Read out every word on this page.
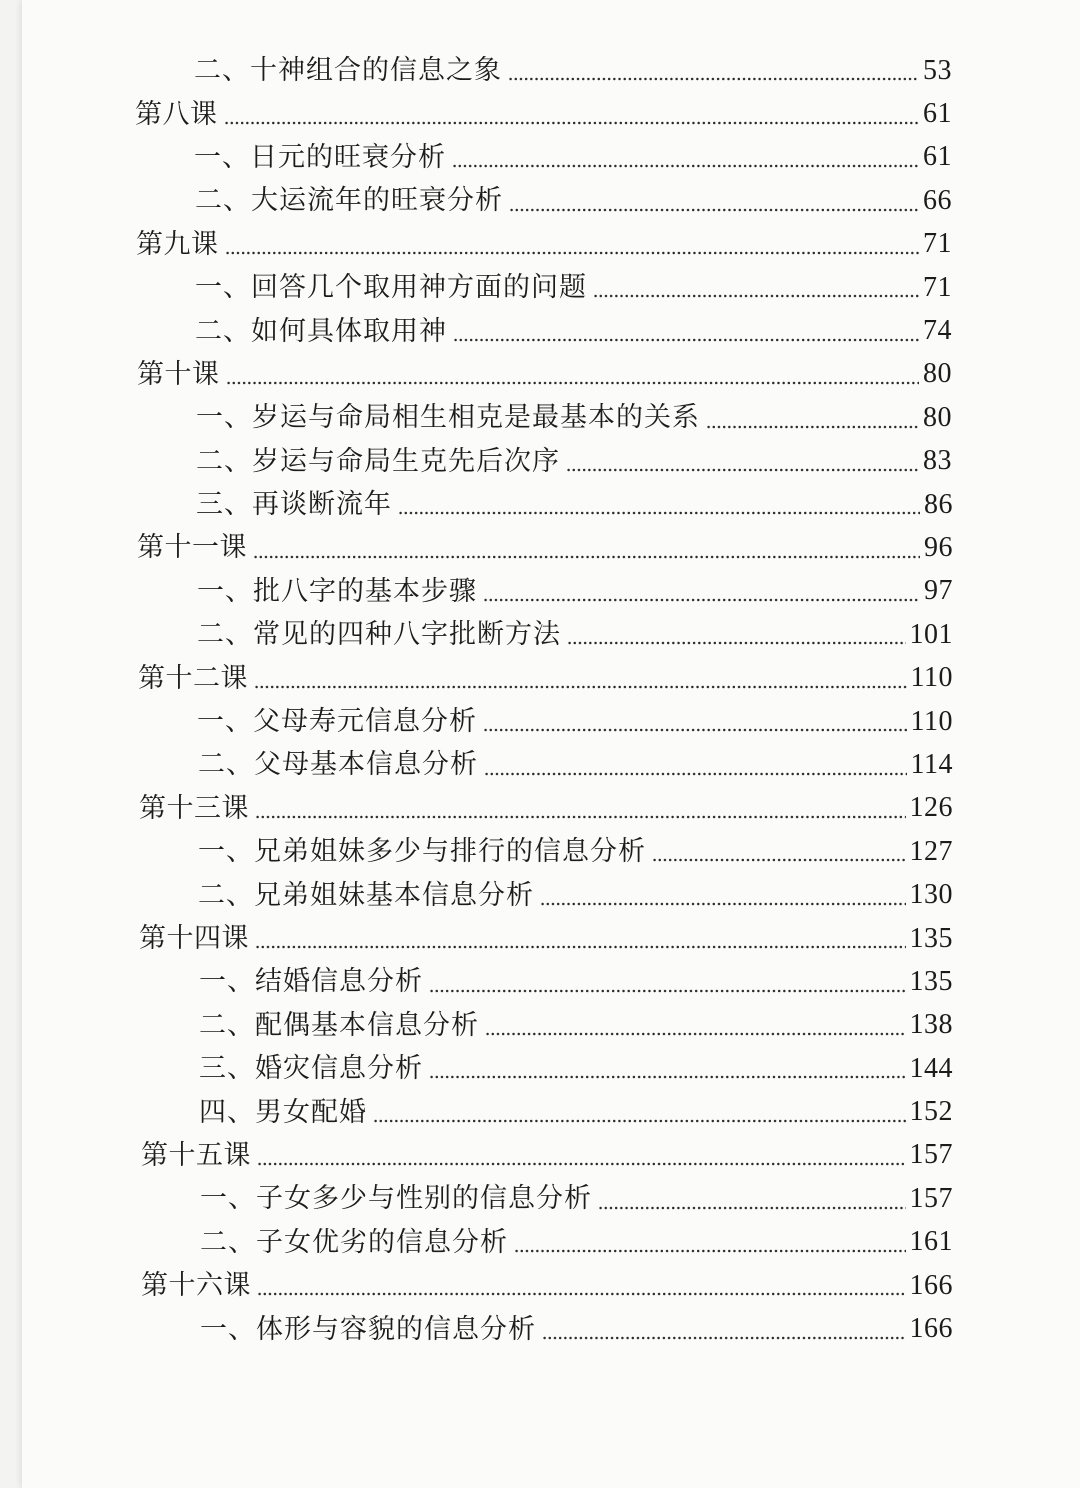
二、十神组合的信息之象	53
第八课	61
一、日元的旺衰分析	61
二、大运流年的旺衰分析	66
第九课	71
一、回答几个取用神方面的问题	71
二、如何具体取用神	74
第十课	80
一、岁运与命局相生相克是最基本的关系	80
二、岁运与命局生克先后次序	83
三、再谈断流年	86
第十一课	96
一、批八字的基本步骤	97
二、常见的四种八字批断方法	101
第十二课	110
一、父母寿元信息分析	110
二、父母基本信息分析	114
第十三课	126
一、兄弟姐妹多少与排行的信息分析	127
二、兄弟姐妹基本信息分析	130
第十四课	135
一、结婚信息分析	135
二、配偶基本信息分析	138
三、婚灾信息分析	144
四、男女配婚	152
第十五课	157
一、子女多少与性别的信息分析	157
二、子女优劣的信息分析	161
第十六课	166
一、体形与容貌的信息分析	166
